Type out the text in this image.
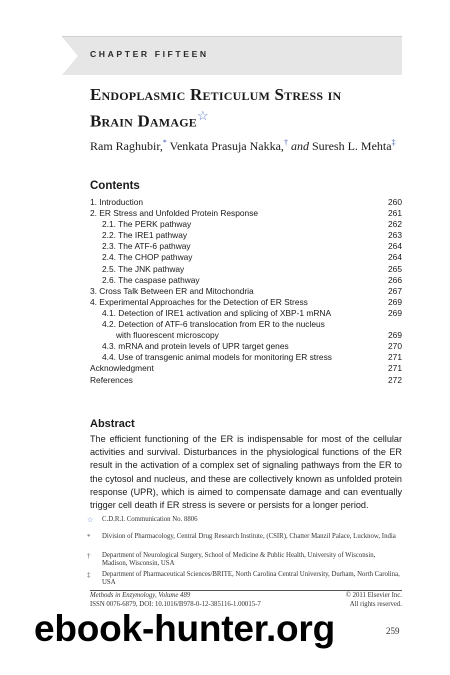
CHAPTER FIFTEEN
Endoplasmic Reticulum Stress in
Brain Damage☆
Ram Raghubir,* Venkata Prasuja Nakka,† and Suresh L. Mehta‡
Contents
1. Introduction	260
2. ER Stress and Unfolded Protein Response	261
2.1. The PERK pathway	262
2.2. The IRE1 pathway	263
2.3. The ATF-6 pathway	264
2.4. The CHOP pathway	264
2.5. The JNK pathway	265
2.6. The caspase pathway	266
3. Cross Talk Between ER and Mitochondria	267
4. Experimental Approaches for the Detection of ER Stress	269
4.1. Detection of IRE1 activation and splicing of XBP-1 mRNA	269
4.2. Detection of ATF-6 translocation from ER to the nucleus
with fluorescent microscopy	269
4.3. mRNA and protein levels of UPR target genes	270
4.4. Use of transgenic animal models for monitoring ER stress	271
Acknowledgment	271
References	272
Abstract
The efficient functioning of the ER is indispensable for most of the cellular activities and survival. Disturbances in the physiological functions of the ER result in the activation of a complex set of signaling pathways from the ER to the cytosol and nucleus, and these are collectively known as unfolded protein response (UPR), which is aimed to compensate damage and can eventually trigger cell death if ER stress is severe or persists for a longer period.
☆	C.D.R.I. Communication No. 8806
*	Division of Pharmacology, Central Drug Research Institute, (CSIR), Chatter Manzil Palace, Lucknow, India
†	Department of Neurological Surgery, School of Medicine & Public Health, University of Wisconsin, Madison, Wisconsin, USA
‡	Department of Pharmaceutical Sciences/BRITE, North Carolina Central University, Durham, North Carolina, USA
Methods in Enzymology, Volume 489	© 2011 Elsevier Inc.
ISSN 0076-6879, DOI: 10.1016/B978-0-12-385116-1.00015-7	All rights reserved.
ebook-hunter.org	259
